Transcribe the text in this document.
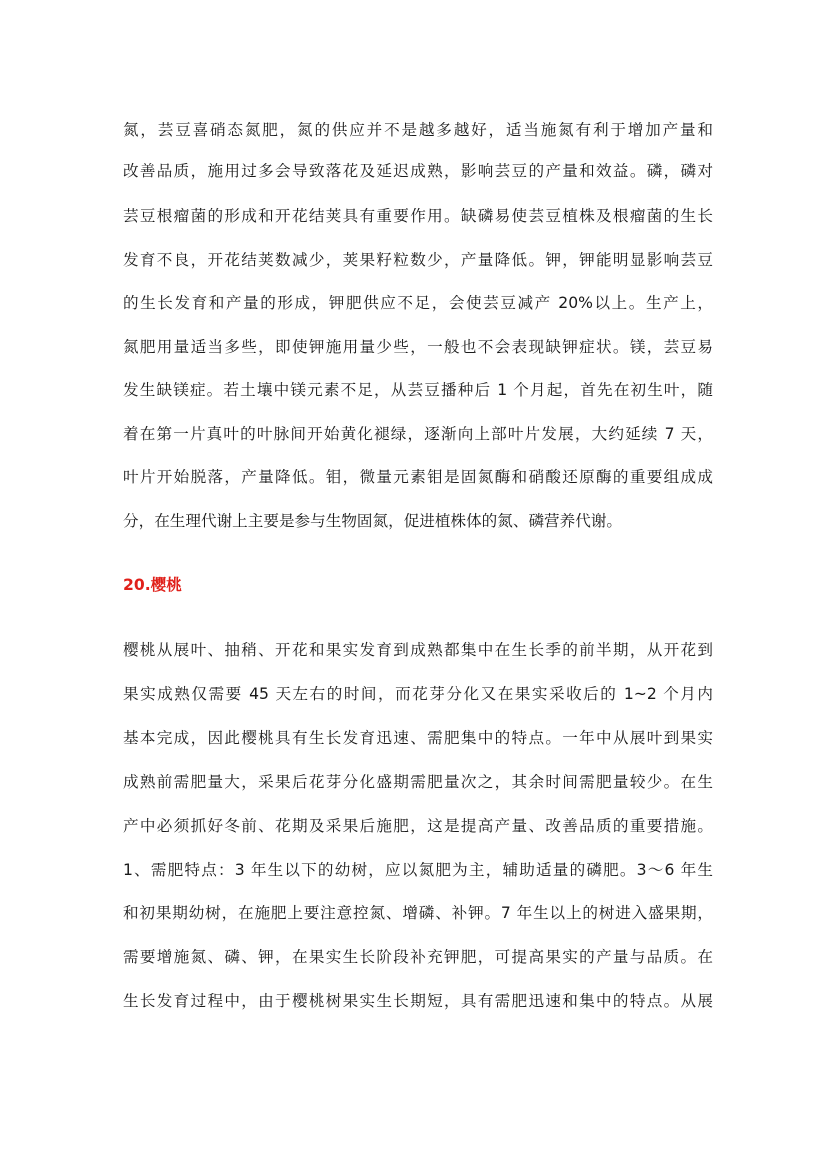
氮，芸豆喜硝态氮肥，氮的供应并不是越多越好，适当施氮有利于增加产量和
改善品质，施用过多会导致落花及延迟成熟，影响芸豆的产量和效益。磷，磷对
芸豆根瘤菌的形成和开花结荚具有重要作用。缺磷易使芸豆植株及根瘤菌的生长
发育不良，开花结荚数减少，荚果籽粒数少，产量降低。钾，钾能明显影响芸豆
的生长发育和产量的形成，钾肥供应不足，会使芸豆减产 20%以上。生产上，
氮肥用量适当多些，即使钾施用量少些，一般也不会表现缺钾症状。镁，芸豆易
发生缺镁症。若土壤中镁元素不足，从芸豆播种后 1 个月起，首先在初生叶，随
着在第一片真叶的叶脉间开始黄化褪绿，逐渐向上部叶片发展，大约延续 7 天，
叶片开始脱落，产量降低。钼，微量元素钼是固氮酶和硝酸还原酶的重要组成成
分，在生理代谢上主要是参与生物固氮，促进植株体的氮、磷营养代谢。
20.樱桃
樱桃从展叶、抽稍、开花和果实发育到成熟都集中在生长季的前半期，从开花到
果实成熟仅需要 45 天左右的时间，而花芽分化又在果实采收后的 1~2 个月内
基本完成，因此樱桃具有生长发育迅速、需肥集中的特点。一年中从展叶到果实
成熟前需肥量大，采果后花芽分化盛期需肥量次之，其余时间需肥量较少。在生
产中必须抓好冬前、花期及采果后施肥，这是提高产量、改善品质的重要措施。
1、需肥特点：3 年生以下的幼树，应以氮肥为主，辅助适量的磷肥。3～6 年生
和初果期幼树，在施肥上要注意控氮、增磷、补钾。7 年生以上的树进入盛果期，
需要增施氮、磷、钾，在果实生长阶段补充钾肥，可提高果实的产量与品质。在
生长发育过程中，由于樱桃树果实生长期短，具有需肥迅速和集中的特点。从展
